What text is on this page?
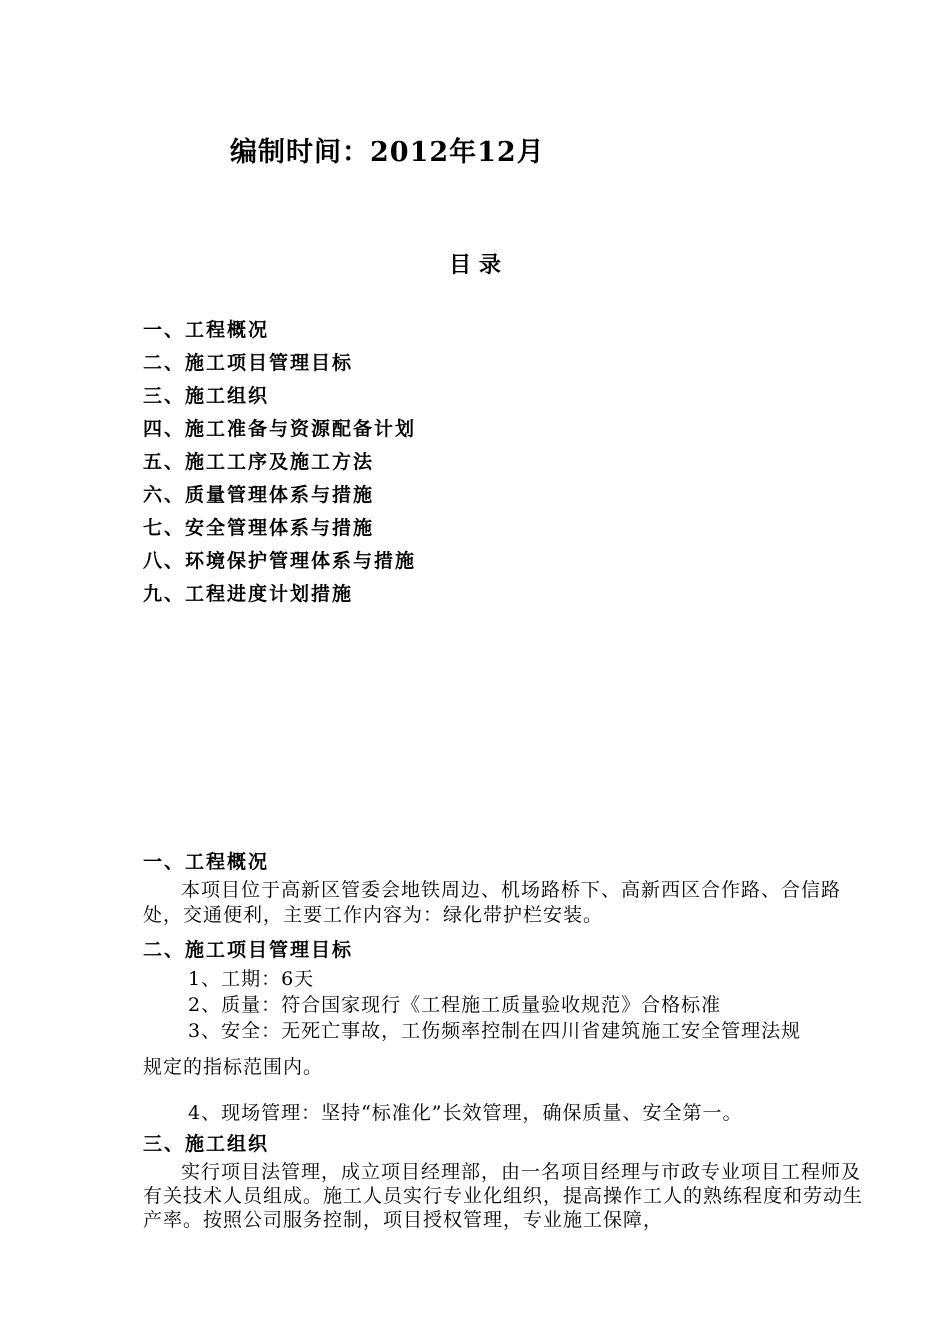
编制时间：2012年12月
目 录
一、工程概况
二、施工项目管理目标
三、施工组织
四、施工准备与资源配备计划
五、施工工序及施工方法
六、质量管理体系与措施
七、安全管理体系与措施
八、环境保护管理体系与措施
九、工程进度计划措施
一、工程概况

本项目位于高新区管委会地铁周边、机场路桥下、高新西区合作路、合信路处，交通便利，主要工作内容为：绿化带护栏安装。

二、施工项目管理目标

1、工期：6天

2、质量：符合国家现行《工程施工质量验收规范》合格标准

3、安全：无死亡事故，工伤频率控制在四川省建筑施工安全管理法规

规定的指标范围内。

4、现场管理：坚持“标准化”长效管理，确保质量、安全第一。

三、施工组织

实行项目法管理，成立项目经理部，由一名项目经理与市政专业项目工程师及有关技术人员组成。施工人员实行专业化组织，提高操作工人的熟练程度和劳动生产率。按照公司服务控制，项目授权管理，专业施工保障，
